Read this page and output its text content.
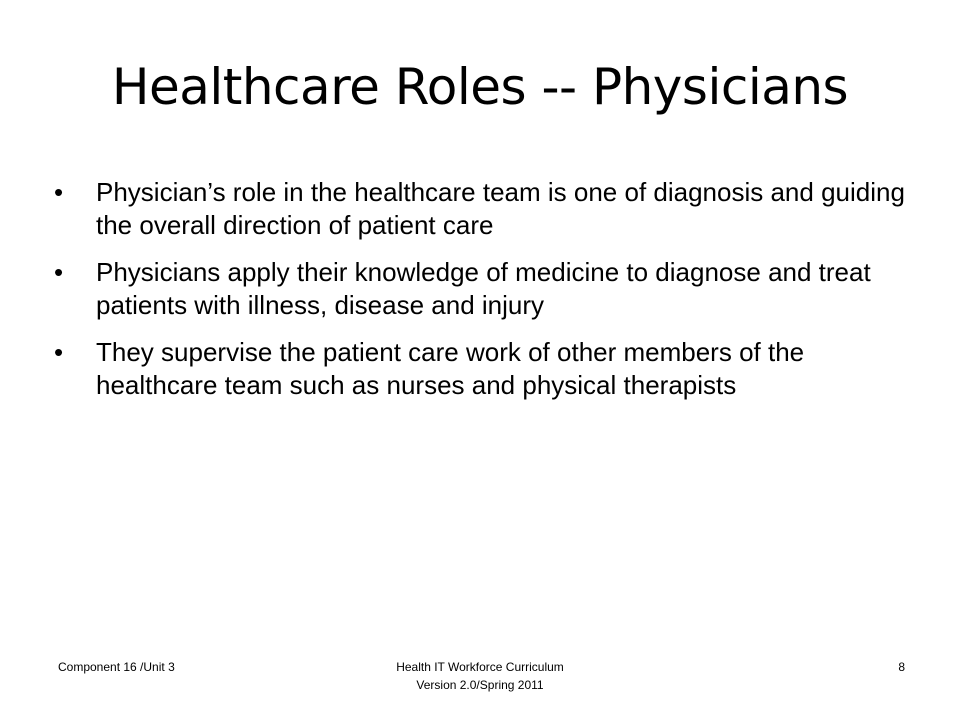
Healthcare Roles -- Physicians
•	Physician’s role in the healthcare team is one of diagnosis and guiding the overall direction of patient care
•	Physicians apply their knowledge of medicine to diagnose and treat patients with illness, disease and injury
•	They supervise the patient care work of other members of the healthcare team such as nurses and physical therapists
Component 16 /Unit 3	Health IT Workforce Curriculum
Version 2.0/Spring 2011
8
